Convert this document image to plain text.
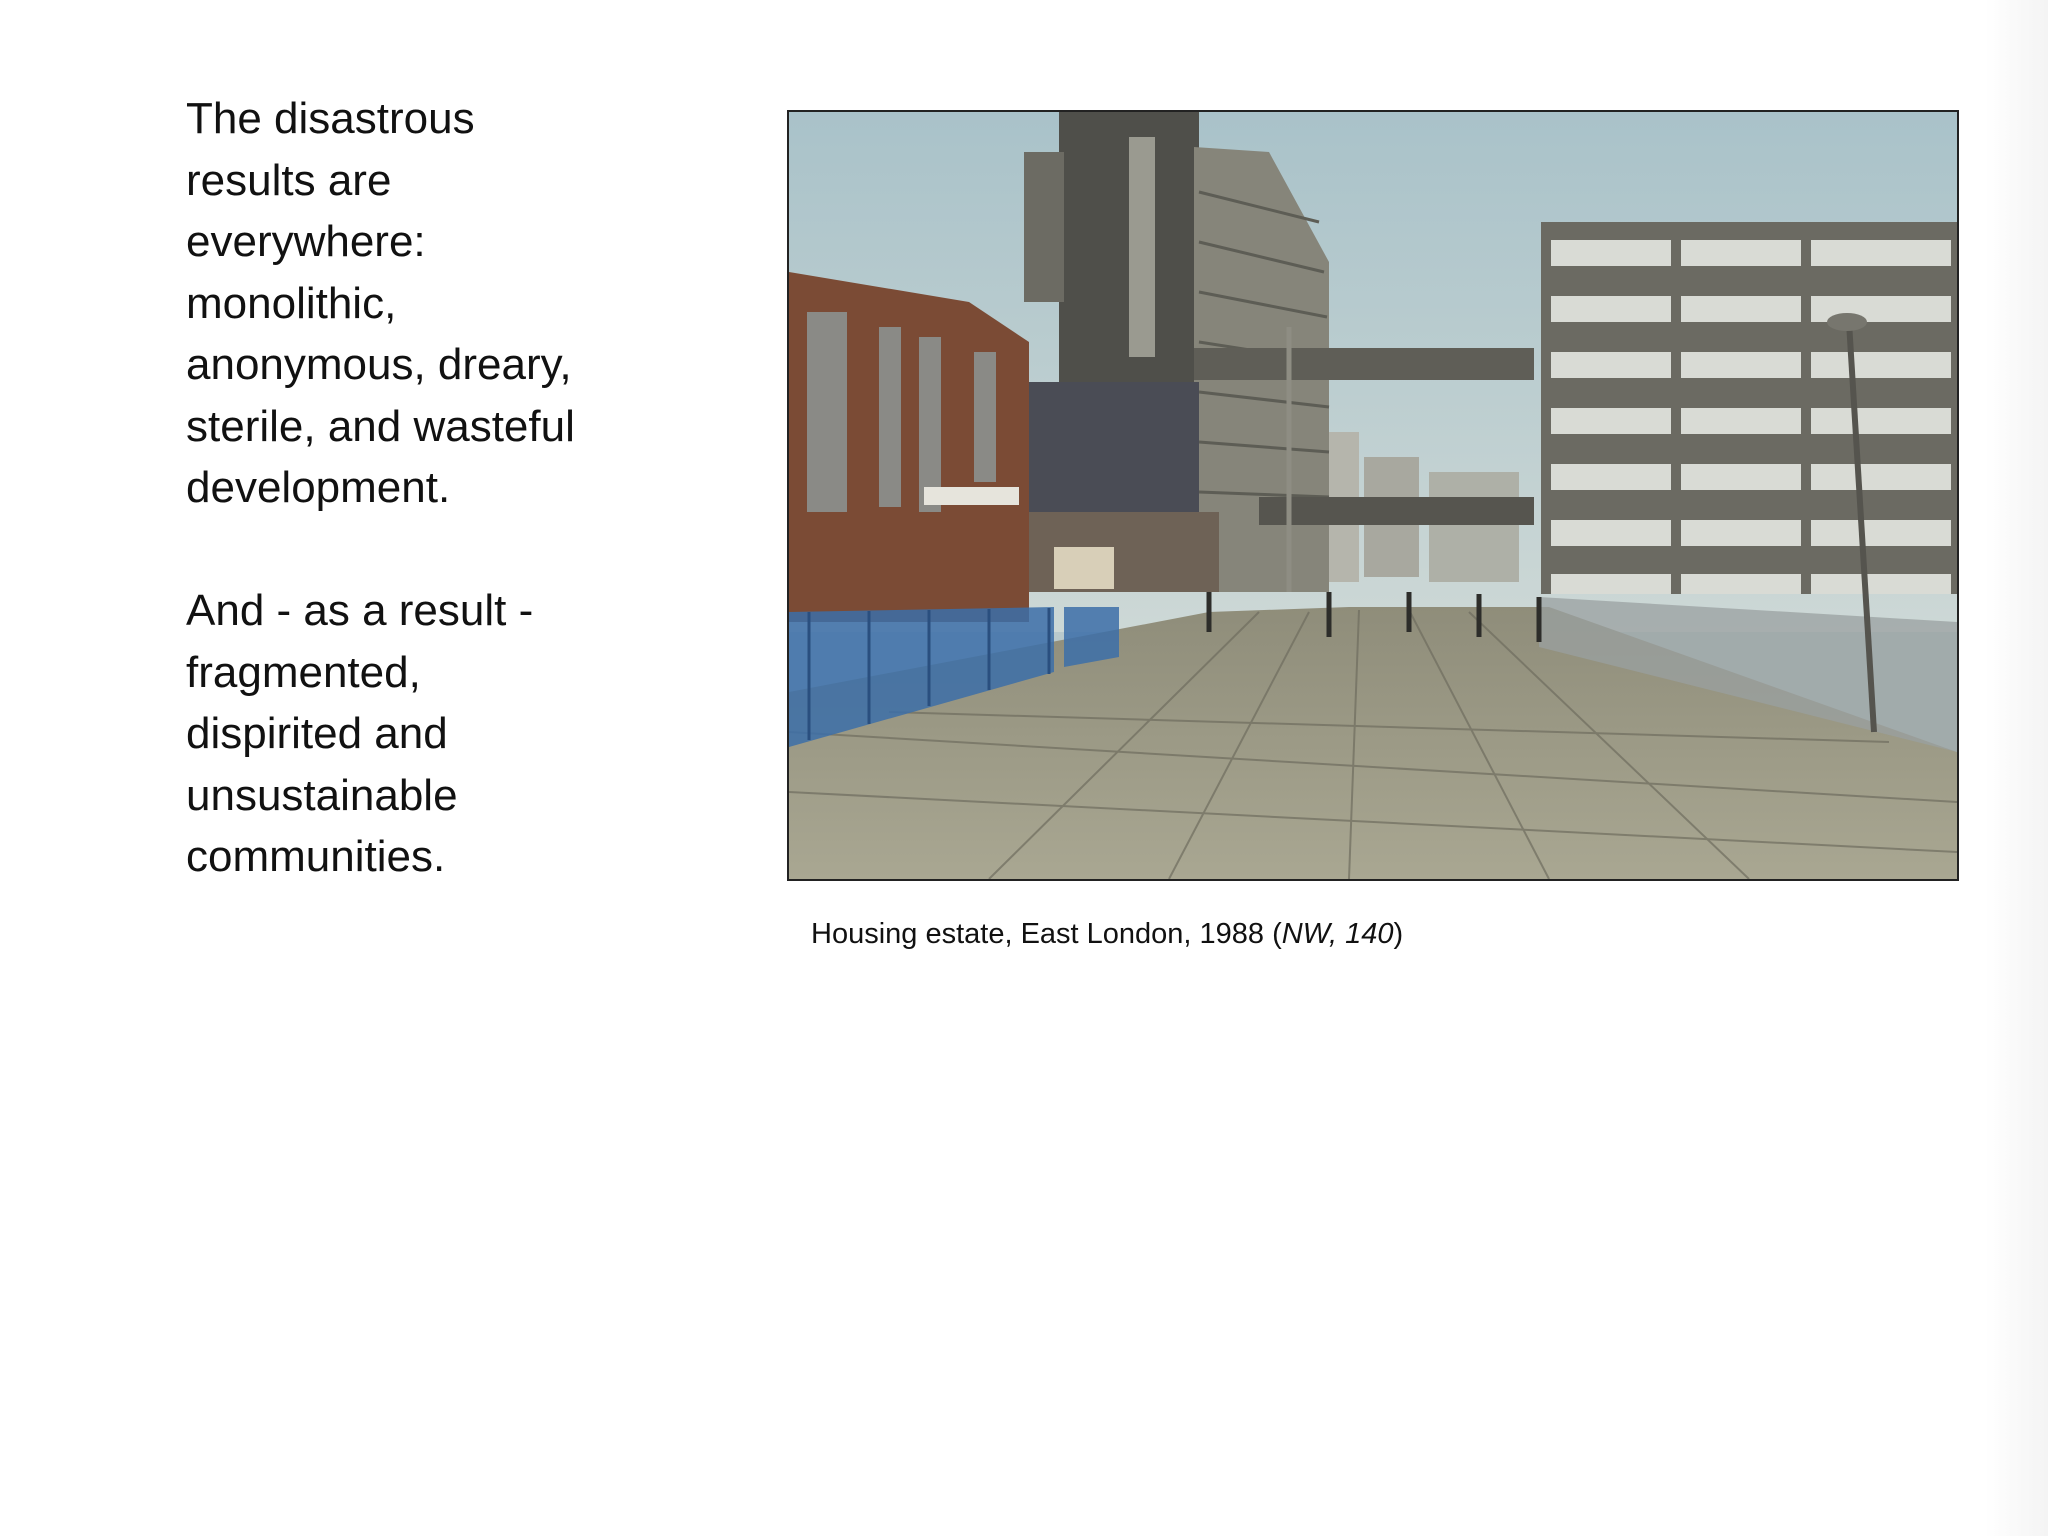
The disastrous
results are
everywhere:
monolithic,
anonymous, dreary,
sterile, and wasteful
development.

And - as a result -
fragmented,
dispirited and
unsustainable
communities.

Housing estate, East London, 1988 (NW, 140)
